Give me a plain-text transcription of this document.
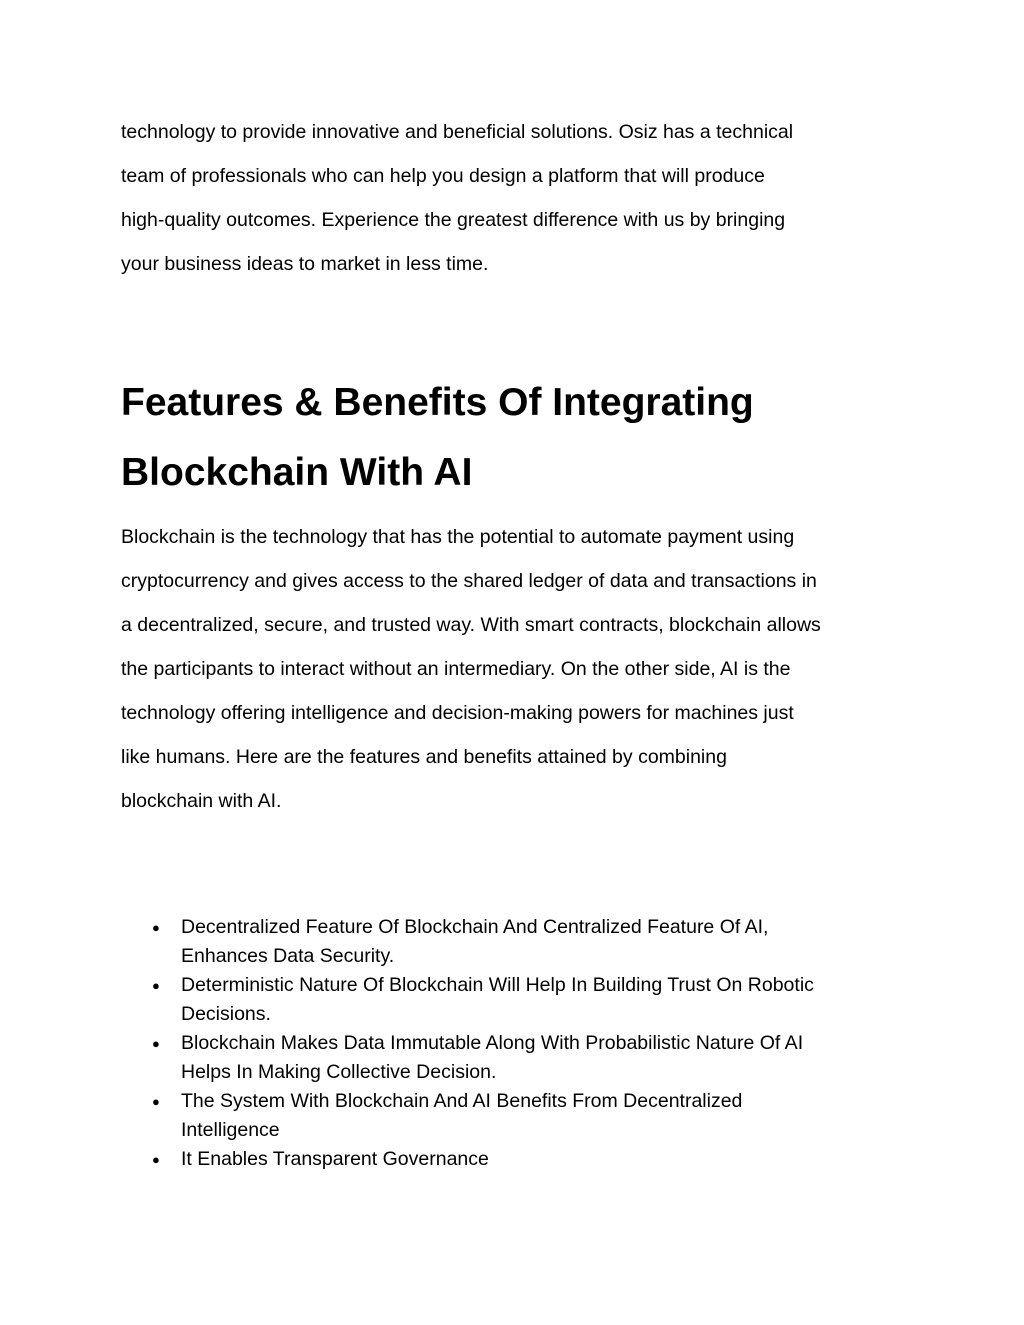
technology to provide innovative and beneficial solutions. Osiz has a technical
team of professionals who can help you design a platform that will produce
high-quality outcomes. Experience the greatest difference with us by bringing
your business ideas to market in less time.

Features & Benefits Of Integrating
Blockchain With AI

Blockchain is the technology that has the potential to automate payment using
cryptocurrency and gives access to the shared ledger of data and transactions in
a decentralized, secure, and trusted way. With smart contracts, blockchain allows
the participants to interact without an intermediary. On the other side, AI is the
technology offering intelligence and decision-making powers for machines just
like humans. Here are the features and benefits attained by combining
blockchain with AI.

● Decentralized Feature Of Blockchain And Centralized Feature Of AI,
Enhances Data Security.
● Deterministic Nature Of Blockchain Will Help In Building Trust On Robotic
Decisions.
● Blockchain Makes Data Immutable Along With Probabilistic Nature Of AI
Helps In Making Collective Decision.
● The System With Blockchain And AI Benefits From Decentralized
Intelligence
● It Enables Transparent Governance
